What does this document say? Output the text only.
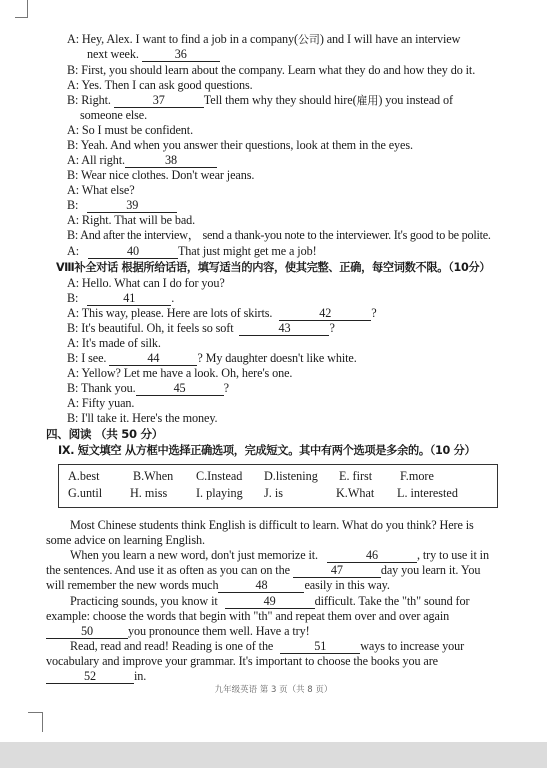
A: Hey, Alex. I want to find a job in a company(公司) and I will have an interview
next week.	36
B: First, you should learn about the company. Learn what they do and how they do it.
A: Yes. Then I can ask good questions.
B: Right.	37	Tell them why they should hire(雇用) you instead of
someone else.
A: So I must be confident.
B: Yeah. And when you answer their questions, look at them in the eyes.
A: All right.	38
B: Wear nice clothes. Don't wear jeans.
A: What else?
B:	39
A: Right. That will be bad.
B: And after the interview， send a thank-you note to the interviewer. It's good to be polite.
A:	40	That just might get me a job!
Ⅷ补全对话 根据所给话语，填写适当的内容，使其完整、正确，每空词数不限。（10分）
A: Hello. What can I do for you?
B:	41	.
A: This way, please. Here are lots of skirts.	42	?
B: It's beautiful. Oh, it feels so soft	43	?
A: It's made of silk.
B: I see.	44	? My daughter doesn't like white.
A: Yellow? Let me have a look. Oh, here's one.
B: Thank you.	45	?
A: Fifty yuan.
B: I'll take it. Here's the money.
四、阅读 （共 50 分）
IX. 短文填空 从方框中选择正确选项，完成短文。其中有两个选项是多余的。（10 分）
A.best	B.When C.Instead D.listening E. first F.more
G.until H. miss I. playing J. is	K.What L. interested
Most Chinese students think English is difficult to learn. What do you think? Here is
some advice on learning English.
When you learn a new word, don't just memorize it.	46	, try to use it in
the sentences. And use it as often as you can on the	47	day you learn it. You
will remember the new words much	48	easily in this way.
Practicing sounds, you know it	49	difficult. Take the "th" sound for
example: choose the words that begin with "th" and repeat them over and over again
50	you pronounce them well. Have a try!
Read, read and read! Reading is one of the	51	ways to increase your
vocabulary and improve your grammar. It's important to choose the books you are
52	in.
九年级英语 第 3 页（共 8 页）
